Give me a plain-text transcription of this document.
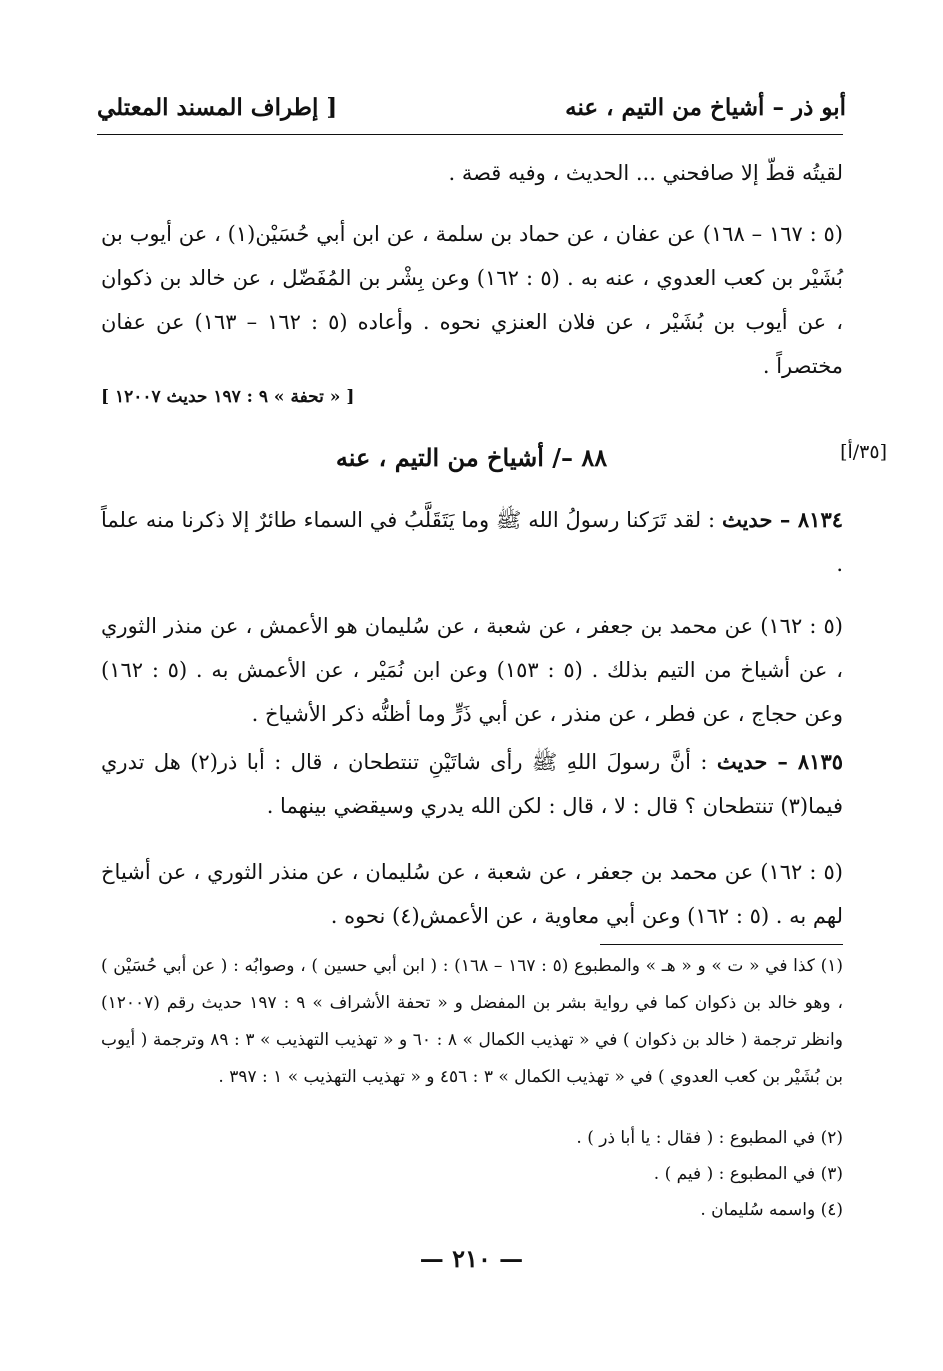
أبو ذر – أشياخ من التيم ، عنه
[ إطراف المسند المعتلي
لقيتُه قطّ إلا صافحني ... الحديث ، وفيه قصة .
(٥ : ١٦٧ – ١٦٨) عن عفان ، عن حماد بن سلمة ، عن ابن أبي حُسَيْن(١) ، عن أيوب بن بُشَيْر بن كعب العدوي ، عنه به . (٥ : ١٦٢) وعن بِشْر بن المُفَضّل ، عن خالد بن ذكوان ، عن أيوب بن بُشَيْر ، عن فلان العنزي نحوه . وأعاده (٥ : ١٦٢ – ١٦٣) عن عفان مختصراً .
[ « تحفة » ٩ : ١٩٧ حديث ١٢٠٠٧ ]
[٣٥/أ]
٨٨ –/ أشياخ من التيم ، عنه
٨١٣٤ – حديث : لقد تَرَكنا رسولُ الله ﷺ وما يَتَقَلَّبُ في السماء طائرٌ إلا ذكرنا منه علماً .
(٥ : ١٦٢) عن محمد بن جعفر ، عن شعبة ، عن سُليمان هو الأعمش ، عن منذر الثوري ، عن أشياخ من التيم بذلك . (٥ : ١٥٣) وعن ابن نُمَيْر ، عن الأعمش به . (٥ : ١٦٢) وعن حجاج ، عن فطر ، عن منذر ، عن أبي ذَرٍّ وما أظنُّه ذكر الأشياخ .
٨١٣٥ – حديث : أنَّ رسولَ اللهِ ﷺ رأى شاتَيْنِ تنتطحان ، قال : أبا ذر(٢) هل تدري فيما(٣) تنتطحان ؟ قال : لا ، قال : لكن الله يدري وسيقضي بينهما .
(٥ : ١٦٢) عن محمد بن جعفر ، عن شعبة ، عن سُليمان ، عن منذر الثوري ، عن أشياخ لهم به . (٥ : ١٦٢) وعن أبي معاوية ، عن الأعمش(٤) نحوه .
(١) كذا في « ت » و « هـ » والمطبوع (٥ : ١٦٧ – ١٦٨) : ( ابن أبي حسين ) ، وصوابُه : ( عن أبي حُسَيْن ) ، وهو خالد بن ذكوان كما في رواية بشر بن المفضل و « تحفة الأشراف » ٩ : ١٩٧ حديث رقم (١٢٠٠٧) وانظر ترجمة ( خالد بن ذكوان ) في « تهذيب الكمال » ٨ : ٦٠ و « تهذيب التهذيب » ٣ : ٨٩ وترجمة ( أيوب بن بُشَيْر بن كعب العدوي ) في « تهذيب الكمال » ٣ : ٤٥٦ و « تهذيب التهذيب » ١ : ٣٩٧ .
(٢) في المطبوع : ( فقال : يا أبا ذر ) .
(٣) في المطبوع : ( فيم ) .
(٤) واسمه سُليمان .
— ٢١٠ —
